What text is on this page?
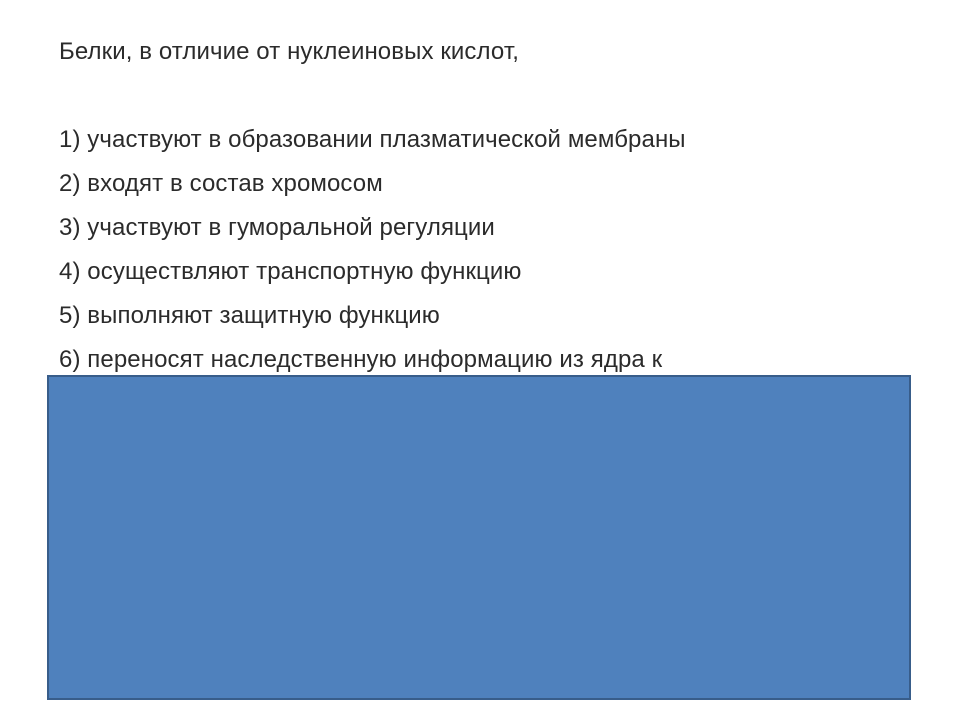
Белки, в отличие от нуклеиновых кислот,
1) участвуют в образовании плазматической мембраны
2) входят в состав хромосом
3) участвуют в гуморальной регуляции
4) осуществляют транспортную функцию
5) выполняют защитную функцию
6) переносят наследственную информацию из ядра к
